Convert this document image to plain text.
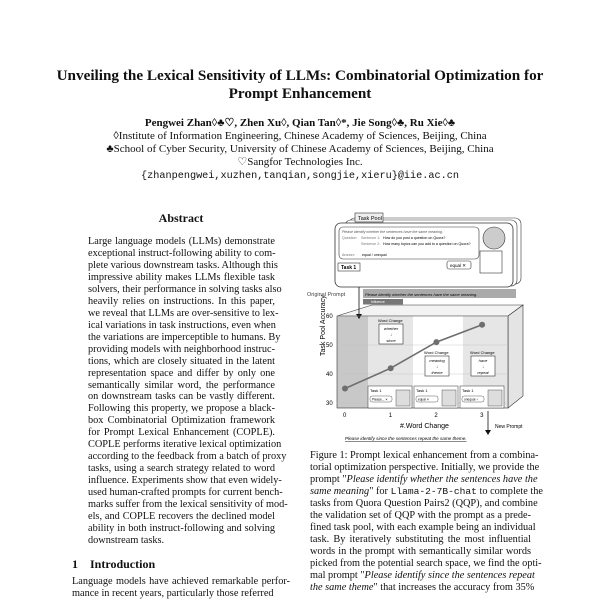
Unveiling the Lexical Sensitivity of LLMs: Combinatorial Optimization for
Prompt Enhancement
Pengwei Zhan◊♣♡, Zhen Xu◊, Qian Tan◊*, Jie Song◊♣, Ru Xie◊♣
◊Institute of Information Engineering, Chinese Academy of Sciences, Beijing, China
♣School of Cyber Security, University of Chinese Academy of Sciences, Beijing, China
♡Sangfor Technologies Inc.
{zhanpengwei,xuzhen,tanqian,songjie,xieru}@iie.ac.cn
Abstract
Large language models (LLMs) demonstrate
exceptional instruct-following ability to com-
plete various downstream tasks. Although this
impressive ability makes LLMs flexible task
solvers, their performance in solving tasks also
heavily relies on instructions. In this paper,
we reveal that LLMs are over-sensitive to lex-
ical variations in task instructions, even when
the variations are imperceptible to humans. By
providing models with neighborhood instruc-
tions, which are closely situated in the latent
representation space and differ by only one
semantically similar word, the performance
on downstream tasks can be vastly different.
Following this property, we propose a black-
box Combinatorial Optimization framework
for Prompt Lexical Enhancement (COPLE).
COPLE performs iterative lexical optimization
according to the feedback from a batch of proxy
tasks, using a search strategy related to word
influence. Experiments show that even widely-
used human-crafted prompts for current bench-
marks suffer from the lexical sensitivity of mod-
els, and COPLE recovers the declined model
ability in both instruct-following and solving
downstream tasks.
1 Introduction
Language models have achieved remarkable perfor-
mance in recent years, particularly those referred
Task Pool
Please identify whether the sentences have the same meaning.
Question: Sentence 1: How do you post a question on Quora?
Sentence 2: How many topics can you add to a question on Quora?
Answer: equal / unequal
Task 1	equal ✕
Original Prompt	Please identify whether the sentences have the same meaning.
Influence
30
40
50
60
0	1	2	3
Word Change
whether
↓
since
Word Change
meaning
↓
theme
Word Change
have
↓
repeat
Task 1
Please... ✕
Task 1
equal ✕
Task 1
unequal ✓
Task Pool Accuracy
#.Word Change	New Prompt
Please identify since the sentences repeat the same theme.
Figure 1: Prompt lexical enhancement from a combina-
torial optimization perspective. Initially, we provide the
prompt "Please identify whether the sentences have the
same meaning" for Llama-2-7B-chat to complete the
tasks from Quora Question Pairs2 (QQP), and combine
the validation set of QQP with the prompt as a prede-
fined task pool, with each example being an individual
task. By iteratively substituting the most influential
words in the prompt with semantically similar words
picked from the potential search space, we find the opti-
mal prompt "Please identify since the sentences repeat
the same theme" that increases the accuracy from 35%
